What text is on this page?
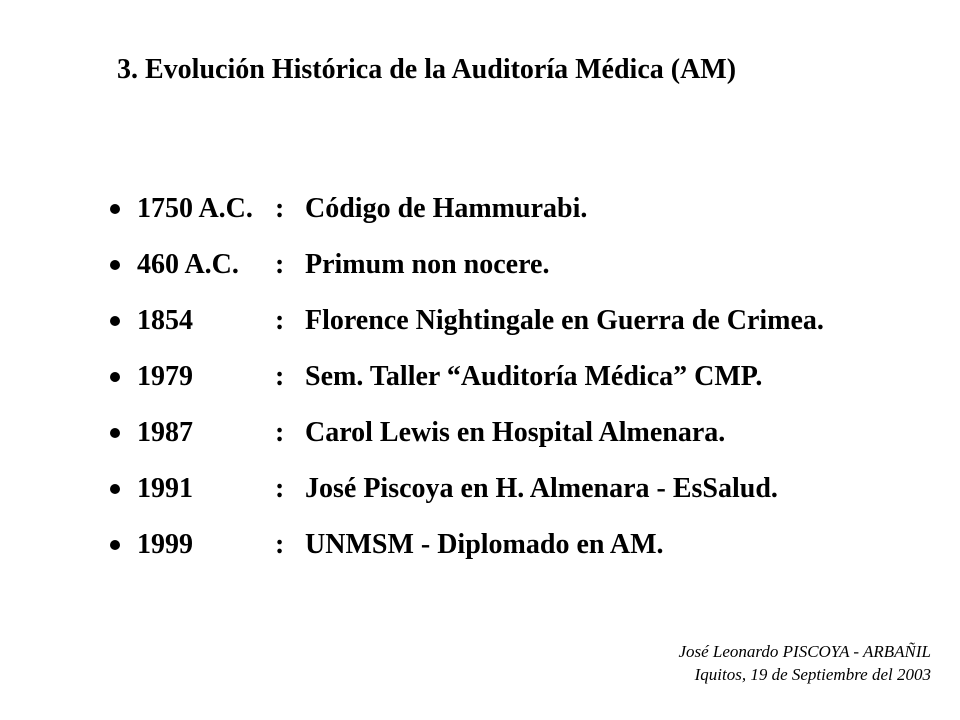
3. Evolución Histórica de la Auditoría Médica (AM)
1750 A.C. : Código de Hammurabi.
460 A.C.	: Primum non nocere.
1854	: Florence Nightingale en Guerra de Crimea.
1979	: Sem. Taller “Auditoría Médica” CMP.
1987	: Carol Lewis en Hospital Almenara.
1991	: José Piscoya en H. Almenara - EsSalud.
1999	: UNMSM - Diplomado en AM.
José Leonardo PISCOYA - ARBAÑIL
Iquitos, 19 de Septiembre del 2003
